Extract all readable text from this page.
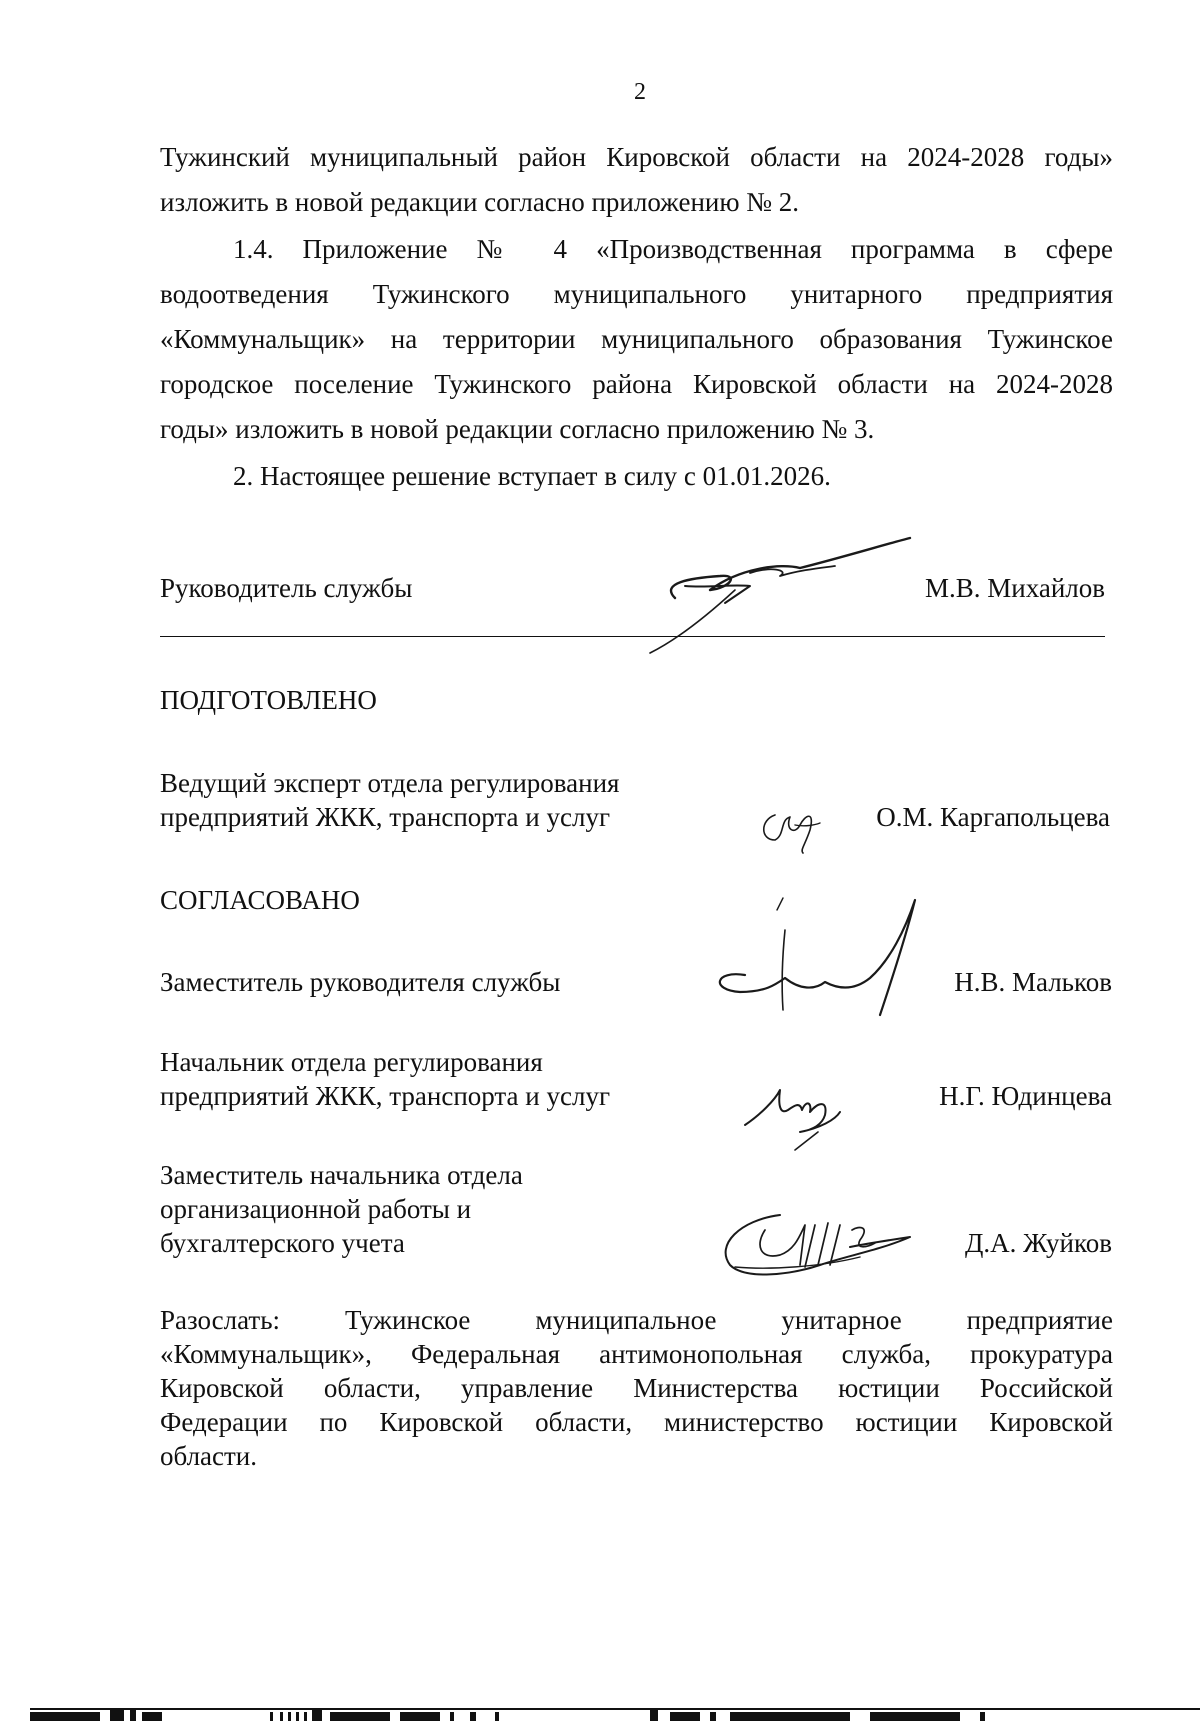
2
Тужинский муниципальный район Кировской области на 2024-2028 годы»
изложить в новой редакции согласно приложению № 2.
1.4. Приложение № 4 «Производственная программа в сфере
водоотведения Тужинского муниципального унитарного предприятия
«Коммунальщик» на территории муниципального образования Тужинское
городское поселение Тужинского района Кировской области на 2024-2028
годы» изложить в новой редакции согласно приложению № 3.
2. Настоящее решение вступает в силу с 01.01.2026.
Руководитель службы	М.В. Михайлов
ПОДГОТОВЛЕНО
Ведущий эксперт отдела регулирования
предприятий ЖКК, транспорта и услуг	О.М. Каргапольцева
СОГЛАСОВАНО
Заместитель руководителя службы	Н.В. Мальков
Начальник отдела регулирования
предприятий ЖКК, транспорта и услуг	Н.Г. Юдинцева
Заместитель начальника отдела
организационной работы и
бухгалтерского учета	Д.А. Жуйков
Разослать: Тужинское муниципальное унитарное предприятие
«Коммунальщик», Федеральная антимонопольная служба, прокуратура
Кировской области, управление Министерства юстиции Российской
Федерации по Кировской области, министерство юстиции Кировской
области.
